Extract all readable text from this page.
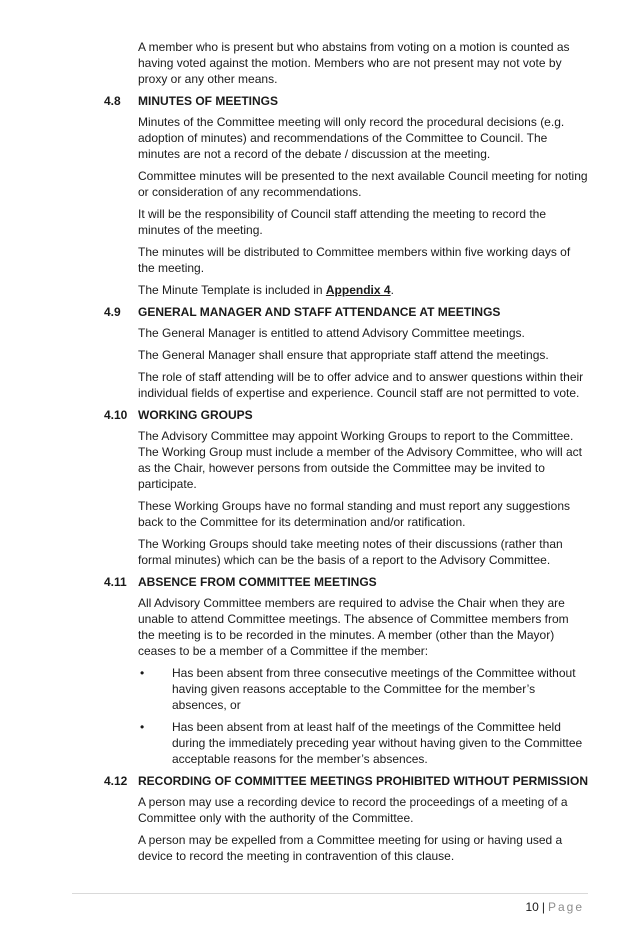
A member who is present but who abstains from voting on a motion is counted as having voted against the motion. Members who are not present may not vote by proxy or any other means.

4.8	MINUTES OF MEETINGS

Minutes of the Committee meeting will only record the procedural decisions (e.g. adoption of minutes) and recommendations of the Committee to Council. The minutes are not a record of the debate / discussion at the meeting.

Committee minutes will be presented to the next available Council meeting for noting or consideration of any recommendations.

It will be the responsibility of Council staff attending the meeting to record the minutes of the meeting.

The minutes will be distributed to Committee members within five working days of the meeting.

The Minute Template is included in Appendix 4.

4.9	GENERAL MANAGER AND STAFF ATTENDANCE AT MEETINGS

The General Manager is entitled to attend Advisory Committee meetings.

The General Manager shall ensure that appropriate staff attend the meetings.

The role of staff attending will be to offer advice and to answer questions within their individual fields of expertise and experience. Council staff are not permitted to vote.

4.10 WORKING GROUPS

The Advisory Committee may appoint Working Groups to report to the Committee. The Working Group must include a member of the Advisory Committee, who will act as the Chair, however persons from outside the Committee may be invited to participate.

These Working Groups have no formal standing and must report any suggestions back to the Committee for its determination and/or ratification.

The Working Groups should take meeting notes of their discussions (rather than formal minutes) which can be the basis of a report to the Advisory Committee.

4.11 ABSENCE FROM COMMITTEE MEETINGS

All Advisory Committee members are required to advise the Chair when they are unable to attend Committee meetings. The absence of Committee members from the meeting is to be recorded in the minutes. A member (other than the Mayor) ceases to be a member of a Committee if the member:

•	Has been absent from three consecutive meetings of the Committee without having given reasons acceptable to the Committee for the member’s absences, or
•	Has been absent from at least half of the meetings of the Committee held during the immediately preceding year without having given to the Committee acceptable reasons for the member’s absences.
4.12 RECORDING OF COMMITTEE MEETINGS PROHIBITED WITHOUT PERMISSION

A person may use a recording device to record the proceedings of a meeting of a Committee only with the authority of the Committee.

A person may be expelled from a Committee meeting for using or having used a device to record the meeting in contravention of this clause.

10 | Page
